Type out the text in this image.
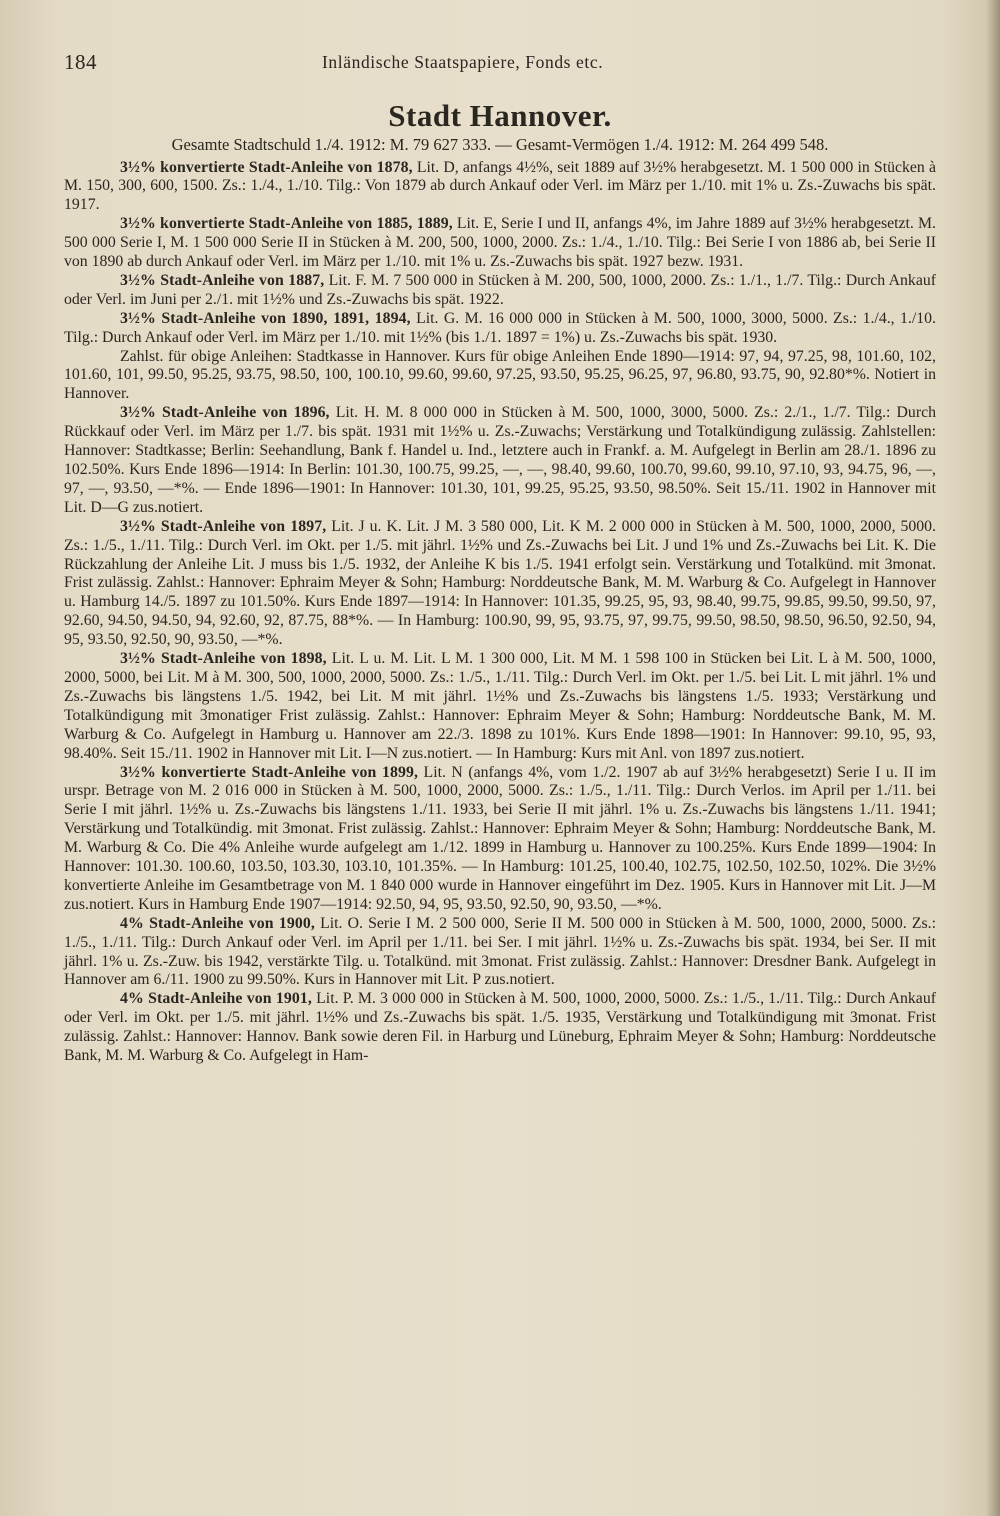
184	Inländische Staatspapiere, Fonds etc.
Stadt Hannover.

Gesamte Stadtschuld 1./4. 1912: M. 79 627 333. — Gesamt-Vermögen 1./4. 1912: M. 264 499 548.

3½% konvertierte Stadt-Anleihe von 1878, Lit. D, anfangs 4½%, seit 1889 auf 3½% herabgesetzt. M. 1 500 000 in Stücken à M. 150, 300, 600, 1500. Zs.: 1./4., 1./10. Tilg.: Von 1879 ab durch Ankauf oder Verl. im März per 1./10. mit 1% u. Zs.-Zuwachs bis spät. 1917.

3½% konvertierte Stadt-Anleihe von 1885, 1889, Lit. E, Serie I und II, anfangs 4%, im Jahre 1889 auf 3½% herabgesetzt. M. 500 000 Serie I, M. 1 500 000 Serie II in Stücken à M. 200, 500, 1000, 2000. Zs.: 1./4., 1./10. Tilg.: Bei Serie I von 1886 ab, bei Serie II von 1890 ab durch Ankauf oder Verl. im März per 1./10. mit 1% u. Zs.-Zuwachs bis spät. 1927 bezw. 1931.

3½% Stadt-Anleihe von 1887, Lit. F. M. 7 500 000 in Stücken à M. 200, 500, 1000, 2000. Zs.: 1./1., 1./7. Tilg.: Durch Ankauf oder Verl. im Juni per 2./1. mit 1½% und Zs.-Zuwachs bis spät. 1922.

3½% Stadt-Anleihe von 1890, 1891, 1894, Lit. G. M. 16 000 000 in Stücken à M. 500, 1000, 3000, 5000. Zs.: 1./4., 1./10. Tilg.: Durch Ankauf oder Verl. im März per 1./10. mit 1½% (bis 1./1. 1897 = 1%) u. Zs.-Zuwachs bis spät. 1930.

Zahlst. für obige Anleihen: Stadtkasse in Hannover. Kurs für obige Anleihen Ende 1890—1914: 97, 94, 97.25, 98, 101.60, 102, 101.60, 101, 99.50, 95.25, 93.75, 98.50, 100, 100.10, 99.60, 99.60, 97.25, 93.50, 95.25, 96.25, 97, 96.80, 93.75, 90, 92.80*%. Notiert in Hannover.

3½% Stadt-Anleihe von 1896, Lit. H. M. 8 000 000 in Stücken à M. 500, 1000, 3000, 5000. Zs.: 2./1., 1./7. Tilg.: Durch Rückkauf oder Verl. im März per 1./7. bis spät. 1931 mit 1½% u. Zs.-Zuwachs; Verstärkung und Totalkündigung zulässig. Zahlstellen: Hannover: Stadtkasse; Berlin: Seehandlung, Bank f. Handel u. Ind., letztere auch in Frankf. a. M. Aufgelegt in Berlin am 28./1. 1896 zu 102.50%. Kurs Ende 1896—1914: In Berlin: 101.30, 100.75, 99.25, —, —, 98.40, 99.60, 100.70, 99.60, 99.10, 97.10, 93, 94.75, 96, —, 97, —, 93.50, —*%. — Ende 1896—1901: In Hannover: 101.30, 101, 99.25, 95.25, 93.50, 98.50%. Seit 15./11. 1902 in Hannover mit Lit. D—G zus.notiert.

3½% Stadt-Anleihe von 1897, Lit. J u. K. Lit. J M. 3 580 000, Lit. K M. 2 000 000 in Stücken à M. 500, 1000, 2000, 5000. Zs.: 1./5., 1./11. Tilg.: Durch Verl. im Okt. per 1./5. mit jährl. 1½% und Zs.-Zuwachs bei Lit. J und 1% und Zs.-Zuwachs bei Lit. K. Die Rückzahlung der Anleihe Lit. J muss bis 1./5. 1932, der Anleihe K bis 1./5. 1941 erfolgt sein. Verstärkung und Totalkünd. mit 3monat. Frist zulässig. Zahlst.: Hannover: Ephraim Meyer & Sohn; Hamburg: Norddeutsche Bank, M. M. Warburg & Co. Aufgelegt in Hannover u. Hamburg 14./5. 1897 zu 101.50%. Kurs Ende 1897—1914: In Hannover: 101.35, 99.25, 95, 93, 98.40, 99.75, 99.85, 99.50, 99.50, 97, 92.60, 94.50, 94.50, 94, 92.60, 92, 87.75, 88*%. — In Hamburg: 100.90, 99, 95, 93.75, 97, 99.75, 99.50, 98.50, 98.50, 96.50, 92.50, 94, 95, 93.50, 92.50, 90, 93.50, —*%.

3½% Stadt-Anleihe von 1898, Lit. L u. M. Lit. L M. 1 300 000, Lit. M M. 1 598 100 in Stücken bei Lit. L à M. 500, 1000, 2000, 5000, bei Lit. M à M. 300, 500, 1000, 2000, 5000. Zs.: 1./5., 1./11. Tilg.: Durch Verl. im Okt. per 1./5. bei Lit. L mit jährl. 1% und Zs.-Zuwachs bis längstens 1./5. 1942, bei Lit. M mit jährl. 1½% und Zs.-Zuwachs bis längstens 1./5. 1933; Verstärkung und Totalkündigung mit 3monatiger Frist zulässig. Zahlst.: Hannover: Ephraim Meyer & Sohn; Hamburg: Norddeutsche Bank, M. M. Warburg & Co. Aufgelegt in Hamburg u. Hannover am 22./3. 1898 zu 101%. Kurs Ende 1898—1901: In Hannover: 99.10, 95, 93, 98.40%. Seit 15./11. 1902 in Hannover mit Lit. I—N zus.notiert. — In Hamburg: Kurs mit Anl. von 1897 zus.notiert.

3½% konvertierte Stadt-Anleihe von 1899, Lit. N (anfangs 4%, vom 1./2. 1907 ab auf 3½% herabgesetzt) Serie I u. II im urspr. Betrage von M. 2 016 000 in Stücken à M. 500, 1000, 2000, 5000. Zs.: 1./5., 1./11. Tilg.: Durch Verlos. im April per 1./11. bei Serie I mit jährl. 1½% u. Zs.-Zuwachs bis längstens 1./11. 1933, bei Serie II mit jährl. 1% u. Zs.-Zuwachs bis längstens 1./11. 1941; Verstärkung und Totalkündig. mit 3monat. Frist zulässig. Zahlst.: Hannover: Ephraim Meyer & Sohn; Hamburg: Norddeutsche Bank, M. M. Warburg & Co. Die 4% Anleihe wurde aufgelegt am 1./12. 1899 in Hamburg u. Hannover zu 100.25%. Kurs Ende 1899—1904: In Hannover: 101.30. 100.60, 103.50, 103.30, 103.10, 101.35%. — In Hamburg: 101.25, 100.40, 102.75, 102.50, 102.50, 102%. Die 3½% konvertierte Anleihe im Gesamtbetrage von M. 1 840 000 wurde in Hannover eingeführt im Dez. 1905. Kurs in Hannover mit Lit. J—M zus.notiert. Kurs in Hamburg Ende 1907—1914: 92.50, 94, 95, 93.50, 92.50, 90, 93.50, —*%.

4% Stadt-Anleihe von 1900, Lit. O. Serie I M. 2 500 000, Serie II M. 500 000 in Stücken à M. 500, 1000, 2000, 5000. Zs.: 1./5., 1./11. Tilg.: Durch Ankauf oder Verl. im April per 1./11. bei Ser. I mit jährl. 1½% u. Zs.-Zuwachs bis spät. 1934, bei Ser. II mit jährl. 1% u. Zs.-Zuw. bis 1942, verstärkte Tilg. u. Totalkünd. mit 3monat. Frist zulässig. Zahlst.: Hannover: Dresdner Bank. Aufgelegt in Hannover am 6./11. 1900 zu 99.50%. Kurs in Hannover mit Lit. P zus.notiert.

4% Stadt-Anleihe von 1901, Lit. P. M. 3 000 000 in Stücken à M. 500, 1000, 2000, 5000. Zs.: 1./5., 1./11. Tilg.: Durch Ankauf oder Verl. im Okt. per 1./5. mit jährl. 1½% und Zs.-Zuwachs bis spät. 1./5. 1935, Verstärkung und Totalkündigung mit 3monat. Frist zulässig. Zahlst.: Hannover: Hannov. Bank sowie deren Fil. in Harburg und Lüneburg, Ephraim Meyer & Sohn; Hamburg: Norddeutsche Bank, M. M. Warburg & Co. Aufgelegt in Ham-
